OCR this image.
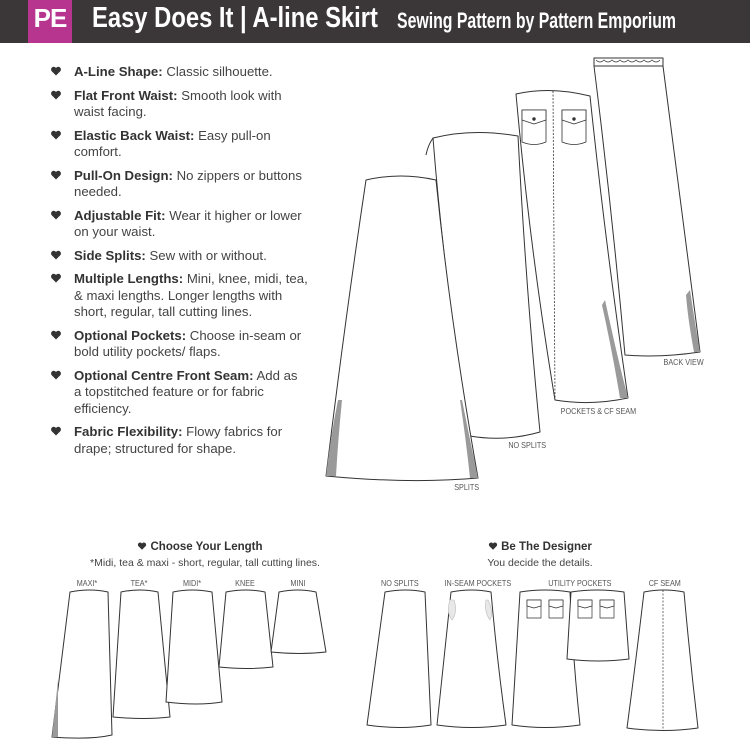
PE Easy Does It | A-line Skirt Sewing Pattern by Pattern Emporium
A-Line Shape: Classic silhouette.
Flat Front Waist: Smooth look with waist facing.
Elastic Back Waist: Easy pull-on comfort.
Pull-On Design: No zippers or buttons needed.
Adjustable Fit: Wear it higher or lower on your waist.
Side Splits: Sew with or without.
Multiple Lengths: Mini, knee, midi, tea, & maxi lengths. Longer lengths with short, regular, tall cutting lines.
Optional Pockets: Choose in-seam or bold utility pockets/ flaps.
Optional Centre Front Seam: Add as a topstitched feature or for fabric efficiency.
Fabric Flexibility: Flowy fabrics for drape; structured for shape.
BACK VIEW
POCKETS & CF SEAM
NO SPLITS
SPLITS
Choose Your Length
*Midi, tea & maxi - short, regular, tall cutting lines.
MAXI*	TEA*	MIDI*	KNEE	MINI
Be The Designer
You decide the details.
NO SPLITS	IN-SEAM POCKETS	UTILITY POCKETS	CF SEAM
